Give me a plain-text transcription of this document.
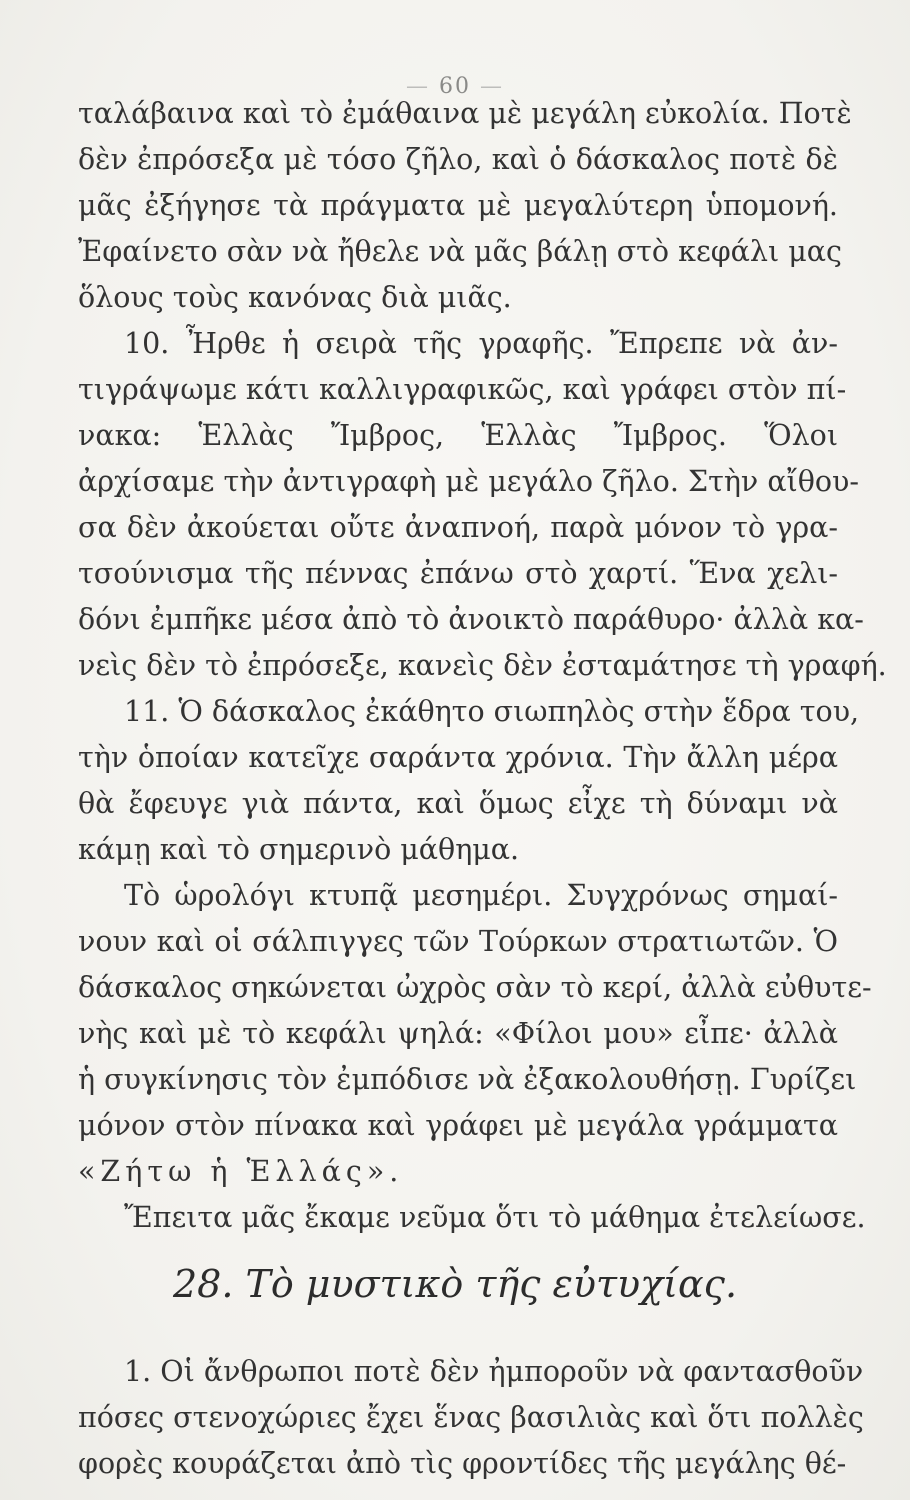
— 60 —
ταλάβαινα καὶ τὸ ἐμάθαινα μὲ μεγάλη εὐκολία. Ποτὲ
δὲν ἐπρόσεξα μὲ τόσο ζῆλο, καὶ ὁ δάσκαλος ποτὲ δὲ
μᾶς ἐξήγησε τὰ πράγματα μὲ μεγαλύτερη ὑπομονή.
Ἐφαίνετο σὰν νὰ ἤθελε νὰ μᾶς βάλῃ στὸ κεφάλι μας
ὅλους τοὺς κανόνας διὰ μιᾶς.
10. Ἦρθε ἡ σειρὰ τῆς γραφῆς. Ἔπρεπε νὰ ἀν-
τιγράψωμε κάτι καλλιγραφικῶς, καὶ γράφει στὸν πί-
νακα: Ἑλλὰς Ἴμβρος, Ἑλλὰς Ἴμβρος. Ὅλοι
ἀρχίσαμε τὴν ἀντιγραφὴ μὲ μεγάλο ζῆλο. Στὴν αἴθου-
σα δὲν ἀκούεται οὔτε ἀναπνοή, παρὰ μόνον τὸ γρα-
τσούνισμα τῆς πέννας ἐπάνω στὸ χαρτί. Ἕνα χελι-
δόνι ἐμπῆκε μέσα ἀπὸ τὸ ἀνοικτὸ παράθυρο· ἀλλὰ κα-
νεὶς δὲν τὸ ἐπρόσεξε, κανεὶς δὲν ἐσταμάτησε τὴ γραφή.
11. Ὁ δάσκαλος ἐκάθητο σιωπηλὸς στὴν ἕδρα του,
τὴν ὁποίαν κατεῖχε σαράντα χρόνια. Τὴν ἄλλη μέρα
θὰ ἔφευγε γιὰ πάντα, καὶ ὅμως εἶχε τὴ δύναμι νὰ
κάμῃ καὶ τὸ σημερινὸ μάθημα.
Τὸ ὡρολόγι κτυπᾷ μεσημέρι. Συγχρόνως σημαί-
νουν καὶ οἱ σάλπιγγες τῶν Τούρκων στρατιωτῶν. Ὁ
δάσκαλος σηκώνεται ὠχρὸς σὰν τὸ κερί, ἀλλὰ εὐθυτε-
νὴς καὶ μὲ τὸ κεφάλι ψηλά: «Φίλοι μου» εἶπε· ἀλλὰ
ἡ συγκίνησις τὸν ἐμπόδισε νὰ ἐξακολουθήσῃ. Γυρίζει
μόνον στὸν πίνακα καὶ γράφει μὲ μεγάλα γράμματα
«Ζήτω ἡ Ἑλλάς».
Ἔπειτα μᾶς ἔκαμε νεῦμα ὅτι τὸ μάθημα ἐτελείωσε.
28. Τὸ μυστικὸ τῆς εὐτυχίας.
1. Οἱ ἄνθρωποι ποτὲ δὲν ἠμποροῦν νὰ φαντασθοῦν
πόσες στενοχώριες ἔχει ἕνας βασιλιὰς καὶ ὅτι πολλὲς
φορὲς κουράζεται ἀπὸ τὶς φροντίδες τῆς μεγάλης θέ-
